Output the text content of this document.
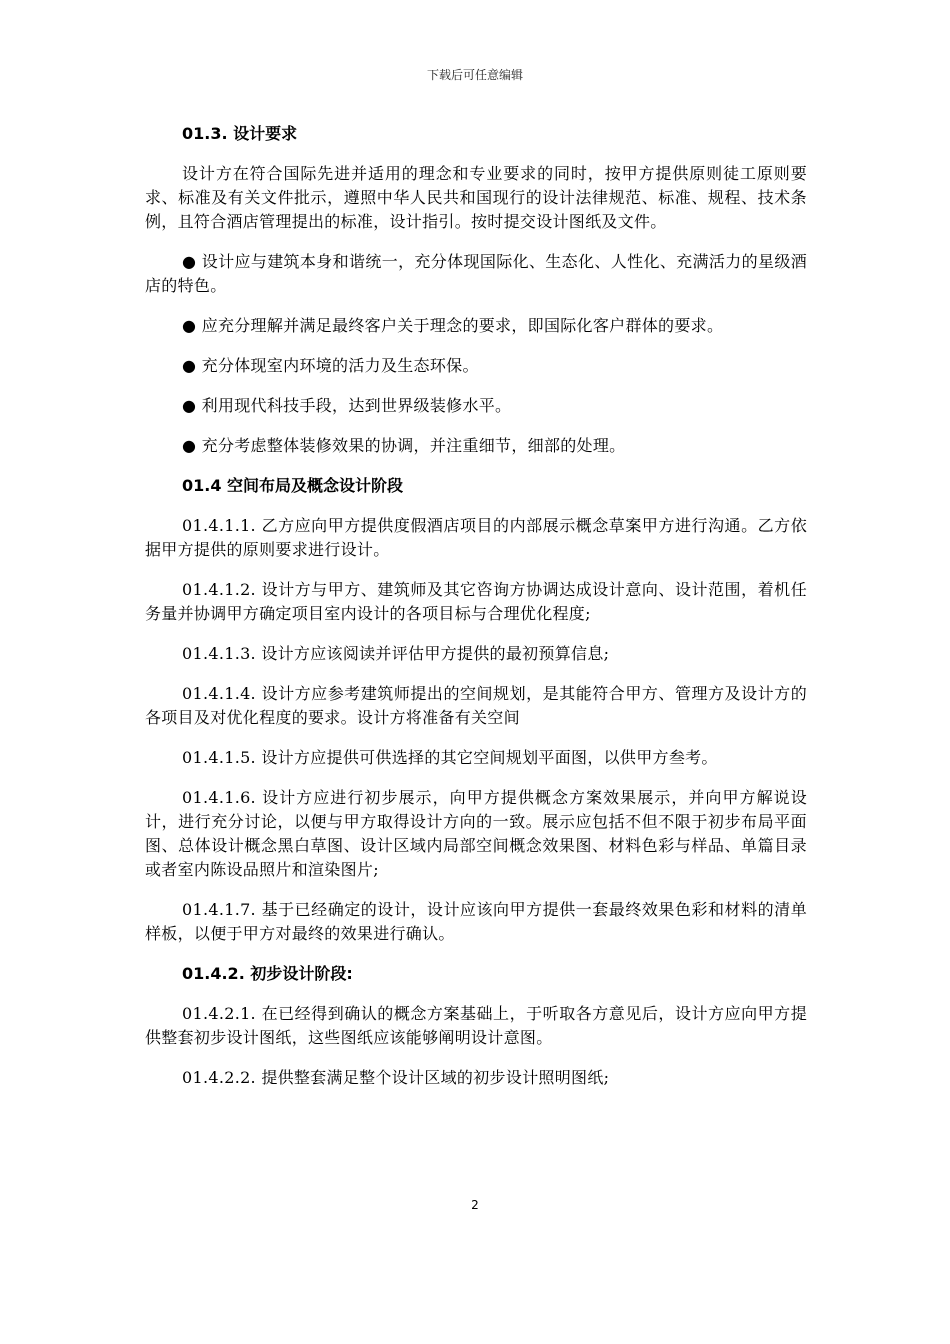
下载后可任意编辑
01.3. 设计要求

设计方在符合国际先进并适用的理念和专业要求的同时，按甲方提供原则徒工原则要求、标准及有关文件批示，遵照中华人民共和国现行的设计法律规范、标准、规程、技术条例，且符合酒店管理提出的标准，设计指引。按时提交设计图纸及文件。

● 设计应与建筑本身和谐统一，充分体现国际化、生态化、人性化、充满活力的星级酒店的特色。

● 应充分理解并满足最终客户关于理念的要求，即国际化客户群体的要求。

● 充分体现室内环境的活力及生态环保。

● 利用现代科技手段，达到世界级装修水平。

● 充分考虑整体装修效果的协调，并注重细节，细部的处理。

01.4 空间布局及概念设计阶段

01.4.1.1. 乙方应向甲方提供度假酒店项目的内部展示概念草案甲方进行沟通。乙方依据甲方提供的原则要求进行设计。

01.4.1.2. 设计方与甲方、建筑师及其它咨询方协调达成设计意向、设计范围，着机任务量并协调甲方确定项目室内设计的各项目标与合理优化程度;

01.4.1.3. 设计方应该阅读并评估甲方提供的最初预算信息;

01.4.1.4. 设计方应参考建筑师提出的空间规划，是其能符合甲方、管理方及设计方的各项目及对优化程度的要求。设计方将准备有关空间

01.4.1.5. 设计方应提供可供选择的其它空间规划平面图，以供甲方叁考。

01.4.1.6. 设计方应进行初步展示，向甲方提供概念方案效果展示，并向甲方解说设计，进行充分讨论，以便与甲方取得设计方向的一致。展示应包括不但不限于初步布局平面图、总体设计概念黑白草图、设计区域内局部空间概念效果图、材料色彩与样品、单篇目录或者室内陈设品照片和渲染图片;

01.4.1.7. 基于已经确定的设计，设计应该向甲方提供一套最终效果色彩和材料的清单样板，以便于甲方对最终的效果进行确认。

01.4.2. 初步设计阶段:

01.4.2.1. 在已经得到确认的概念方案基础上，于听取各方意见后，设计方应向甲方提供整套初步设计图纸，这些图纸应该能够阐明设计意图。

01.4.2.2. 提供整套满足整个设计区域的初步设计照明图纸;

2
